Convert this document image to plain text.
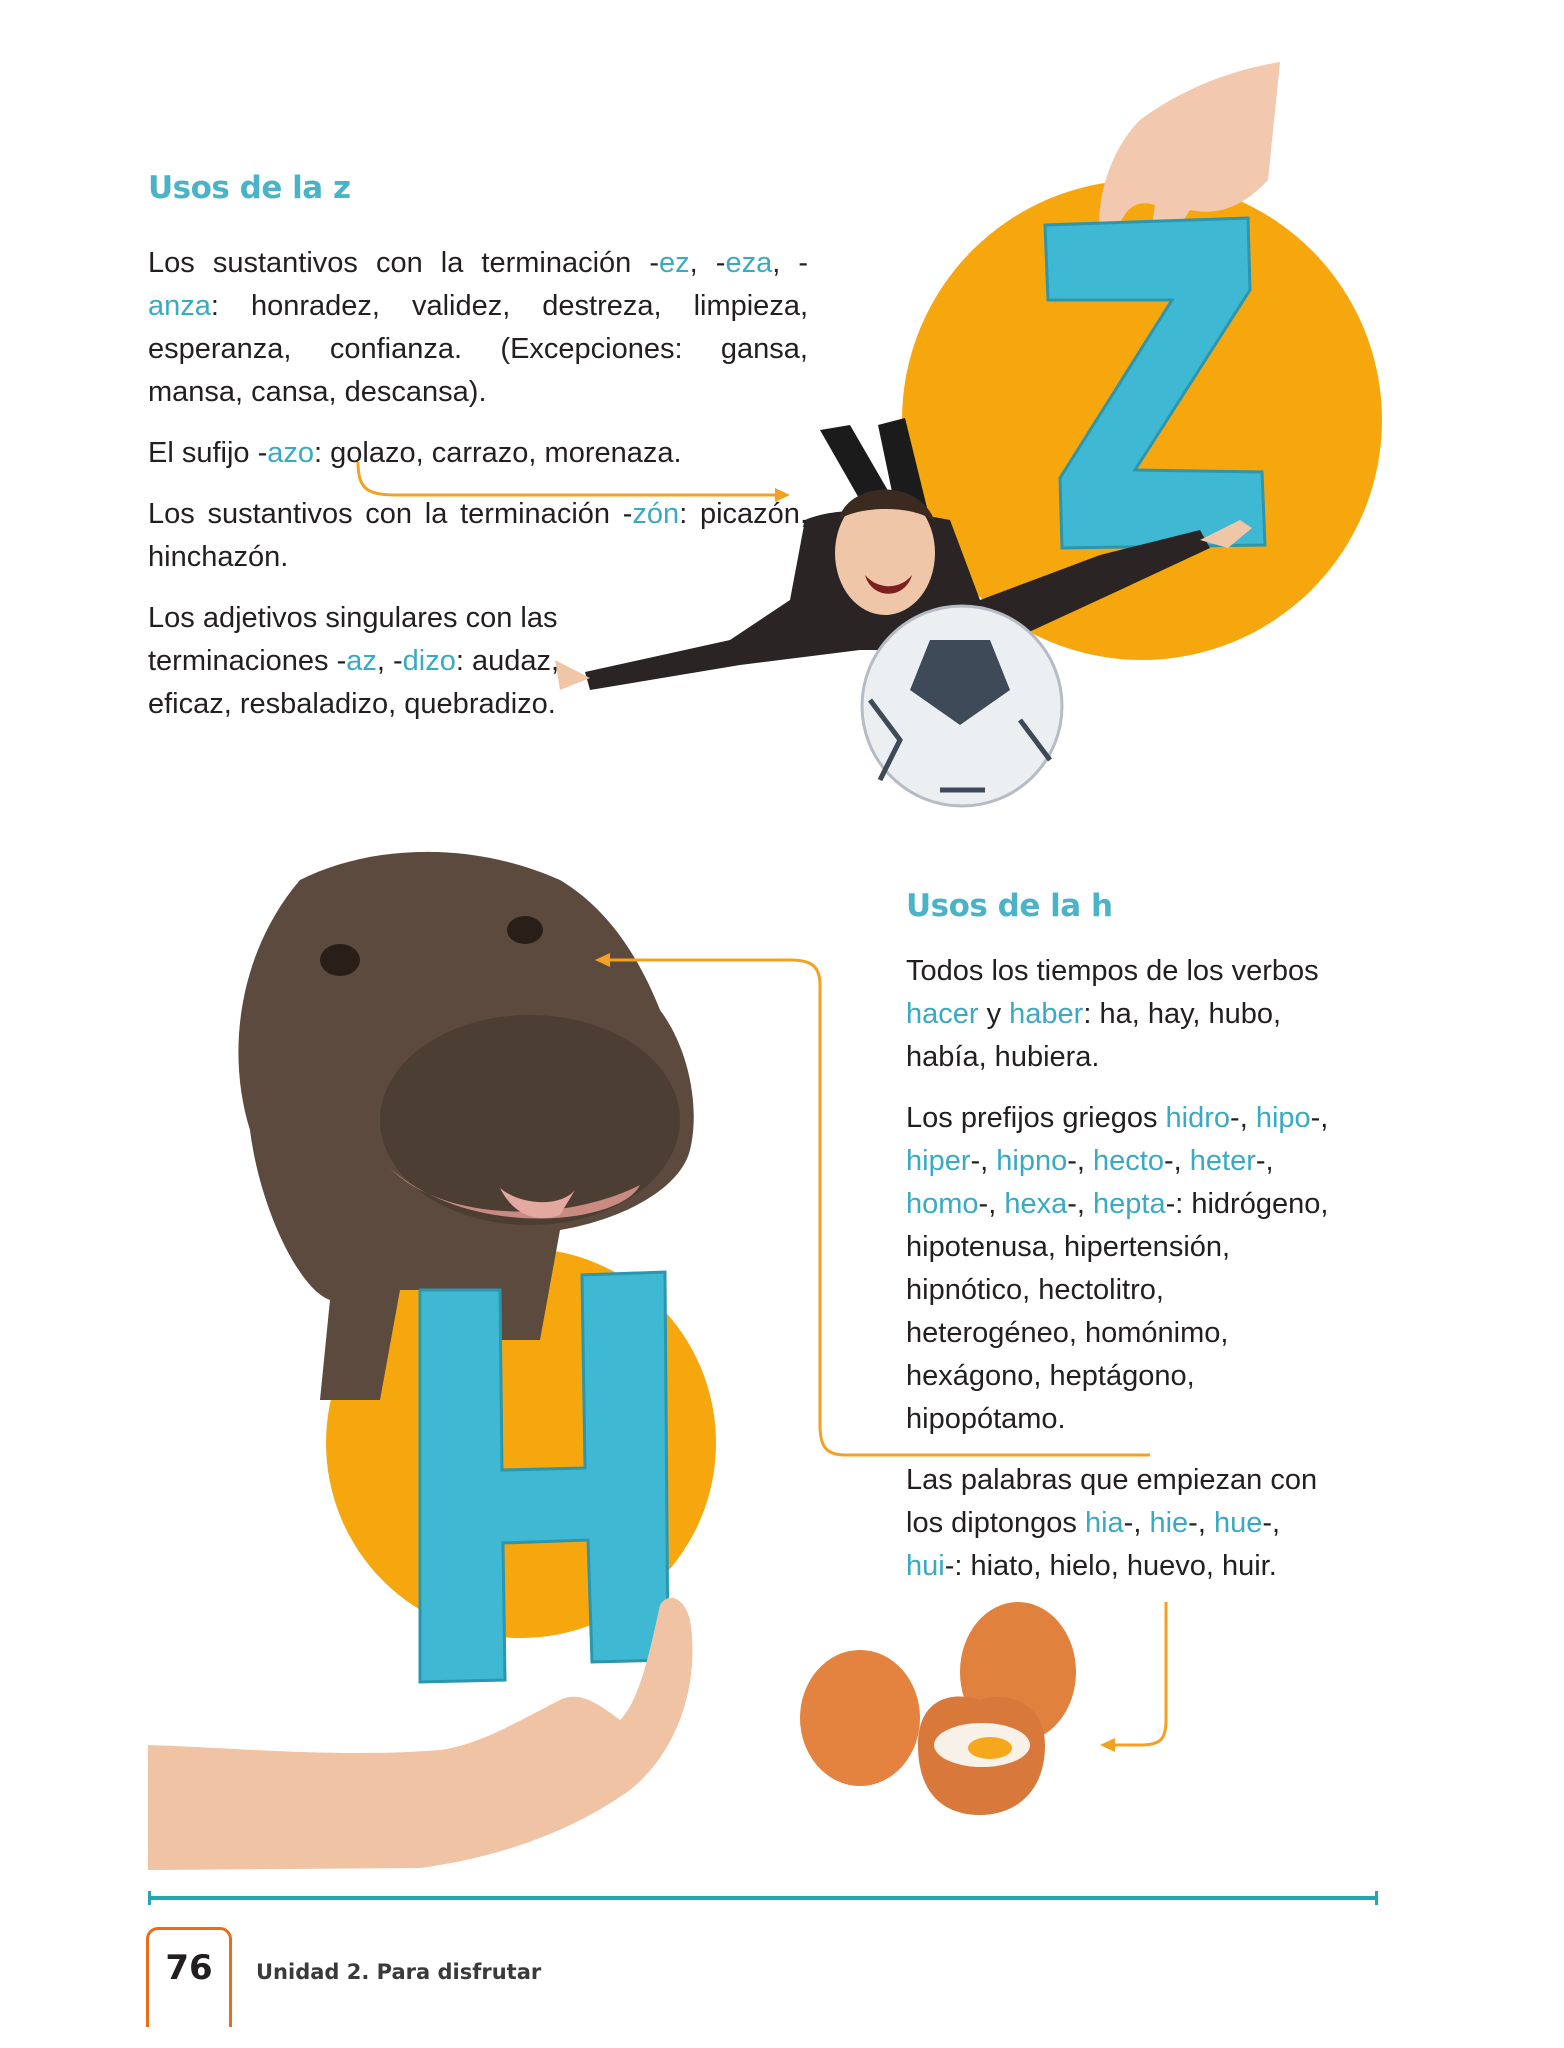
Usos de la z

Los sustantivos con la terminación -ez, -eza, -anza: honradez, validez, destreza, limpieza, esperanza, confianza. (Excepciones: gansa, mansa, cansa, descansa).

El sufijo -azo: golazo, carrazo, morenaza.

Los sustantivos con la terminación -zón: picazón, hinchazón.

Los adjetivos singulares con las terminaciones -az, -dizo: audaz, eficaz, resbaladizo, quebradizo.

Usos de la h

Todos los tiempos de los verbos hacer y haber: ha, hay, hubo, había, hubiera.

Los prefijos griegos hidro-, hipo-, hiper-, hipno-, hecto-, heter-, homo-, hexa-, hepta-: hidrógeno, hipotenusa, hipertensión, hipnótico, hectolitro, heterogéneo, homónimo, hexágono, heptágono, hipopótamo.

Las palabras que empiezan con los diptongos hia-, hie-, hue-, hui-: hiato, hielo, huevo, huir.

76	Unidad 2. Para disfrutar
